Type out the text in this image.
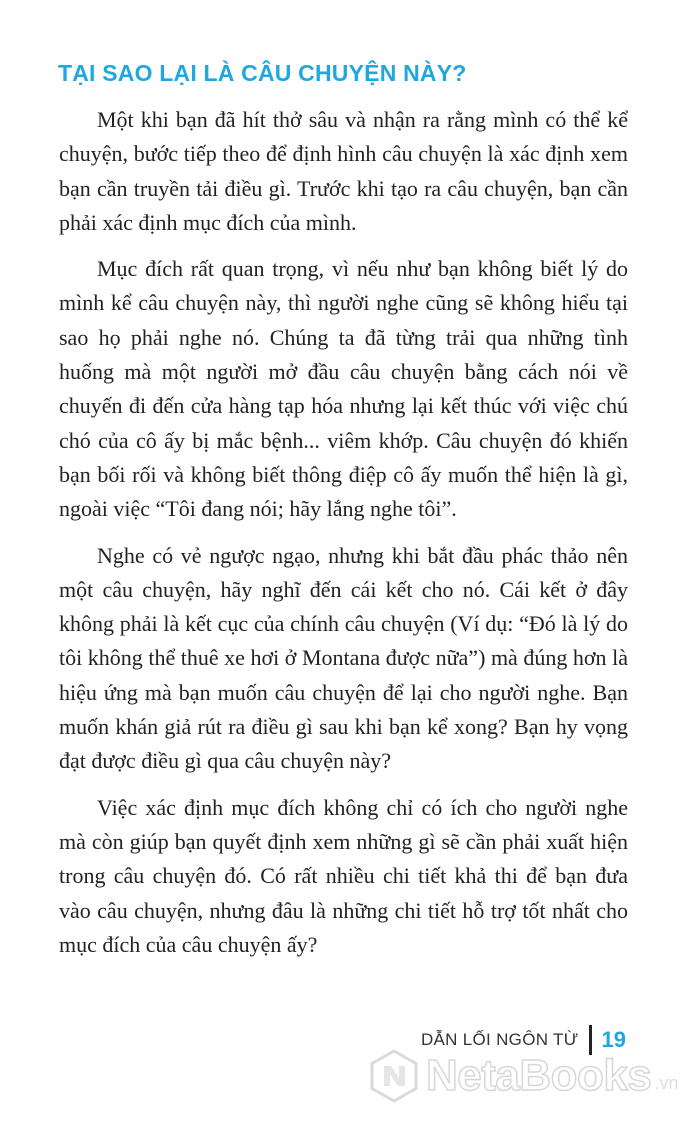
TẠI SAO LẠI LÀ CÂU CHUYỆN NÀY?

Một khi bạn đã hít thở sâu và nhận ra rằng mình có thể kể chuyện, bước tiếp theo để định hình câu chuyện là xác định xem bạn cần truyền tải điều gì. Trước khi tạo ra câu chuyện, bạn cần phải xác định mục đích của mình.

Mục đích rất quan trọng, vì nếu như bạn không biết lý do mình kể câu chuyện này, thì người nghe cũng sẽ không hiểu tại sao họ phải nghe nó. Chúng ta đã từng trải qua những tình huống mà một người mở đầu câu chuyện bằng cách nói về chuyến đi đến cửa hàng tạp hóa nhưng lại kết thúc với việc chú chó của cô ấy bị mắc bệnh... viêm khớp. Câu chuyện đó khiến bạn bối rối và không biết thông điệp cô ấy muốn thể hiện là gì, ngoài việc “Tôi đang nói; hãy lắng nghe tôi”.

Nghe có vẻ ngược ngạo, nhưng khi bắt đầu phác thảo nên một câu chuyện, hãy nghĩ đến cái kết cho nó. Cái kết ở đây không phải là kết cục của chính câu chuyện (Ví dụ: “Đó là lý do tôi không thể thuê xe hơi ở Montana được nữa”) mà đúng hơn là hiệu ứng mà bạn muốn câu chuyện để lại cho người nghe. Bạn muốn khán giả rút ra điều gì sau khi bạn kể xong? Bạn hy vọng đạt được điều gì qua câu chuyện này?

Việc xác định mục đích không chỉ có ích cho người nghe mà còn giúp bạn quyết định xem những gì sẽ cần phải xuất hiện trong câu chuyện đó. Có rất nhiều chi tiết khả thi để bạn đưa vào câu chuyện, nhưng đâu là những chi tiết hỗ trợ tốt nhất cho mục đích của câu chuyện ấy?

DẪN LỐI NGÔN TỪ 19
NetaBooks .vn
